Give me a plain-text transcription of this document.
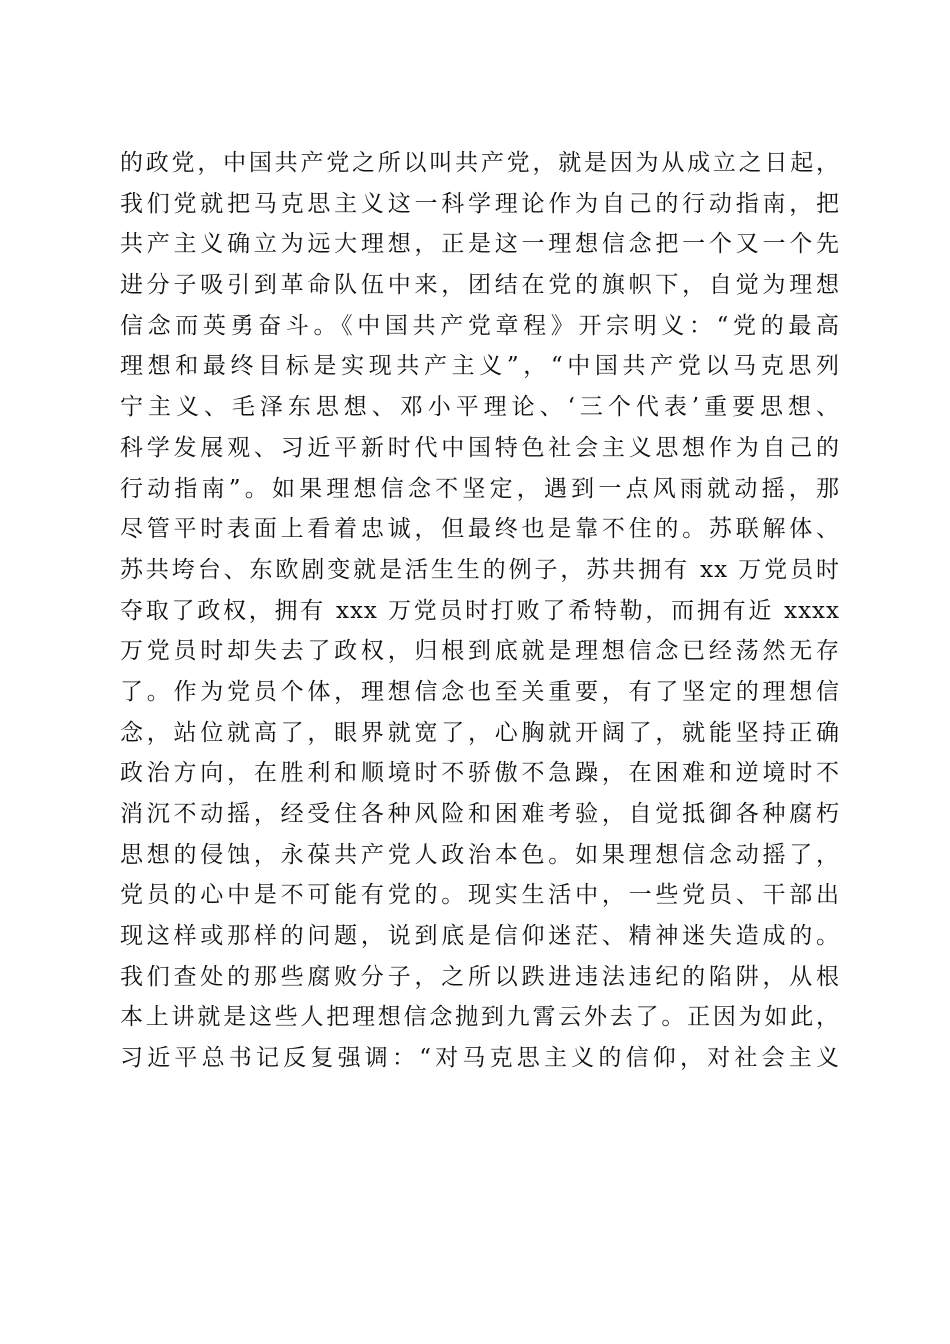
的政党，中国共产党之所以叫共产党，就是因为从成立之日起，
我们党就把马克思主义这一科学理论作为自己的行动指南，把
共产主义确立为远大理想，正是这一理想信念把一个又一个先
进分子吸引到革命队伍中来，团结在党的旗帜下，自觉为理想
信念而英勇奋斗。《中国共产党章程》开宗明义：“党的最高
理想和最终目标是实现共产主义”，“中国共产党以马克思列
宁主义、毛泽东思想、邓小平理论、‘三个代表’重要思想、
科学发展观、习近平新时代中国特色社会主义思想作为自己的
行动指南”。如果理想信念不坚定，遇到一点风雨就动摇，那
尽管平时表面上看着忠诚，但最终也是靠不住的。苏联解体、
苏共垮台、东欧剧变就是活生生的例子，苏共拥有 xx 万党员时
夺取了政权，拥有 xxx 万党员时打败了希特勒，而拥有近 xxxx
万党员时却失去了政权，归根到底就是理想信念已经荡然无存
了。作为党员个体，理想信念也至关重要，有了坚定的理想信
念，站位就高了，眼界就宽了，心胸就开阔了，就能坚持正确
政治方向，在胜利和顺境时不骄傲不急躁，在困难和逆境时不
消沉不动摇，经受住各种风险和困难考验，自觉抵御各种腐朽
思想的侵蚀，永葆共产党人政治本色。如果理想信念动摇了，
党员的心中是不可能有党的。现实生活中，一些党员、干部出
现这样或那样的问题，说到底是信仰迷茫、精神迷失造成的。
我们查处的那些腐败分子，之所以跌进违法违纪的陷阱，从根
本上讲就是这些人把理想信念抛到九霄云外去了。正因为如此，
习近平总书记反复强调：“对马克思主义的信仰，对社会主义
